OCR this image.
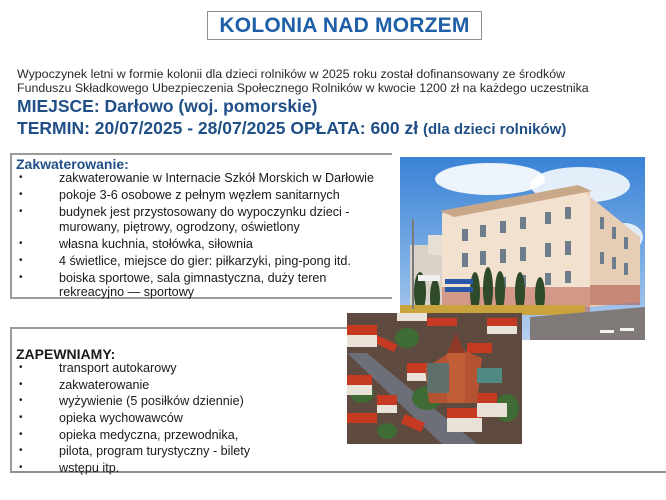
KOLONIA NAD MORZEM
Wypoczynek letni w formie kolonii dla dzieci rolników w 2025 roku został dofinansowany ze środków
Funduszu Składkowego Ubezpieczenia Społecznego Rolników w kwocie 1200 zł na każdego uczestnika
MIEJSCE: Darłowo (woj. pomorskie)
TERMIN: 20/07/2025 - 28/07/2025 OPŁATA: 600 zł (dla dzieci rolników)
Zakwaterowanie:
•	zakwaterowanie w Internacie Szkół Morskich w Darłowie
•	pokoje 3-6 osobowe z pełnym węzłem sanitarnych
•	budynek jest przystosowany do wypoczynku dzieci - murowany, piętrowy, ogrodzony, oświetlony
•	własna kuchnia, stołówka, siłownia
•	4 świetlice, miejsce do gier: piłkarzyki, ping-pong itd.
•	boiska sportowe, sala gimnastyczna, duży teren rekreacyjno — sportowy
ZAPEWNIAMY:
•	transport autokarowy
•	zakwaterowanie
•	wyżywienie (5 posiłków dziennie)
•	opieka wychowawców
•	opieka medyczna, przewodnika,
•	pilota, program turystyczny - bilety
•	wstępu itp.
